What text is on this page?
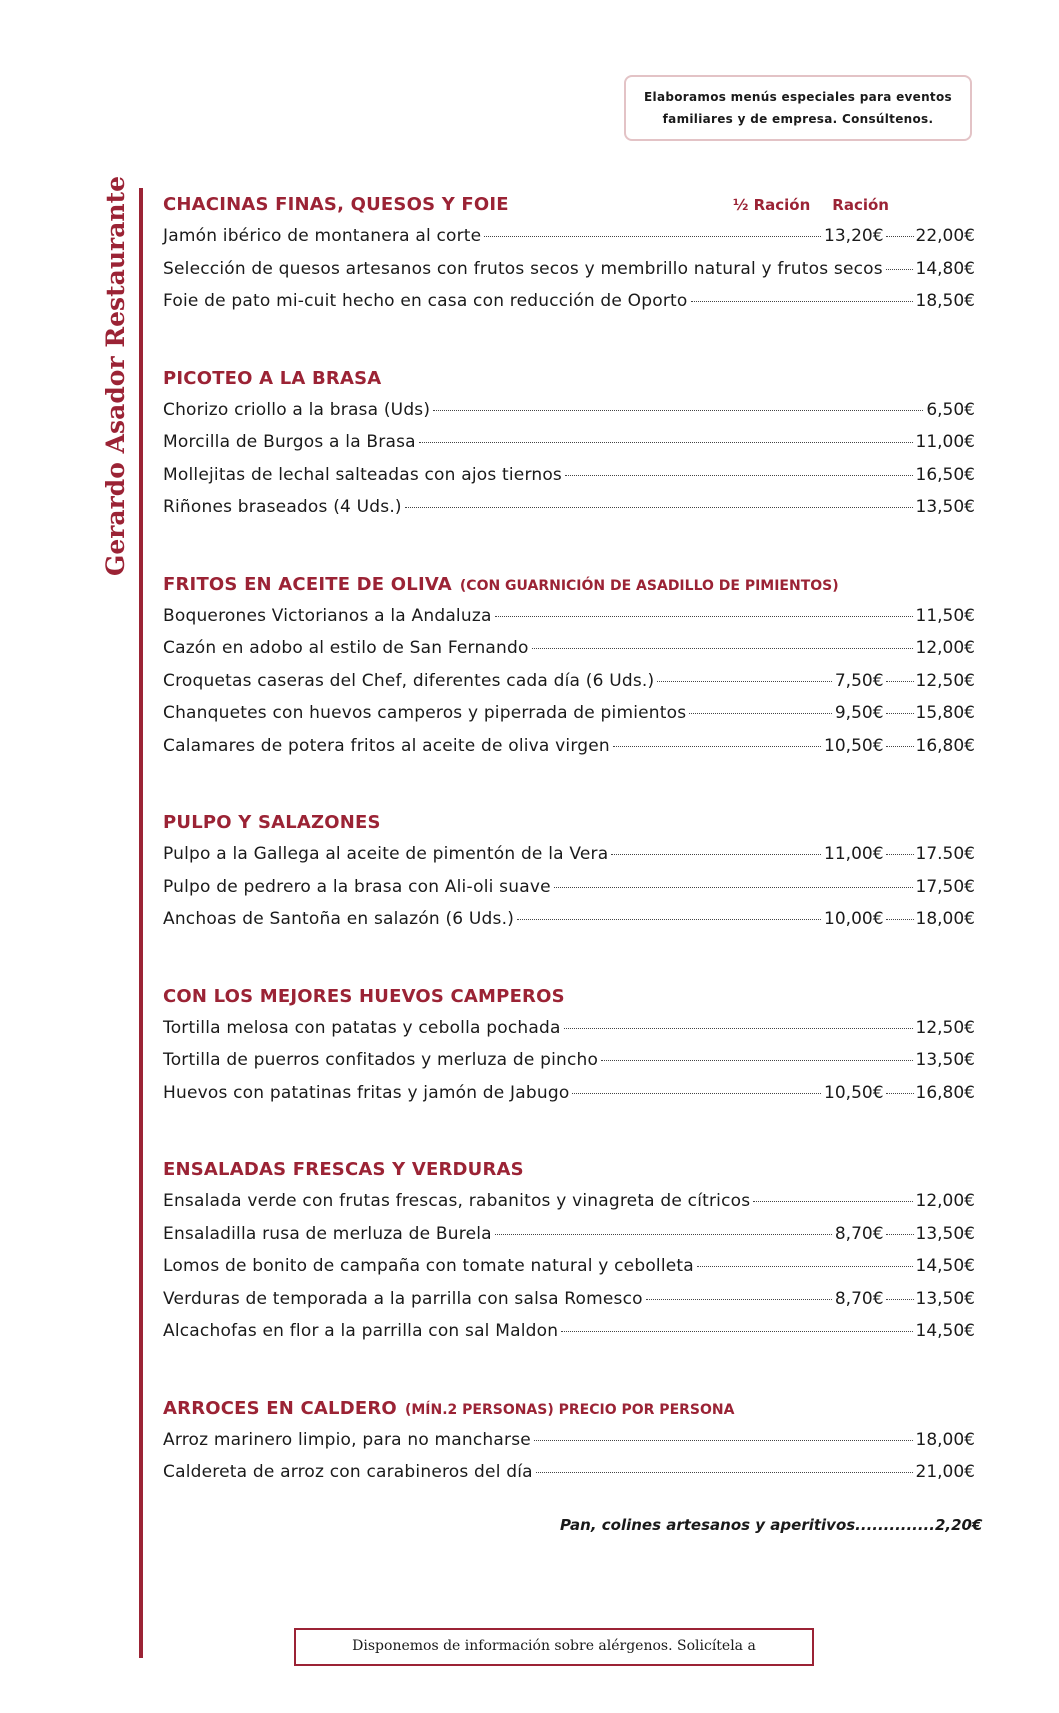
Elaboramos menús especiales para eventos familiares y de empresa. Consúltenos.
Gerardo Asador Restaurante	CHACINAS FINAS, QUESOS Y FOIE	½ Ración Ración
Jamón ibérico de montanera al corte	13,20€ 22,00€
Selección de quesos artesanos con frutos secos y membrillo natural y frutos secos 14,80€
Foie de pato mi-cuit hecho en casa con reducción de Oporto	18,50€
PICOTEO A LA BRASA
Chorizo criollo a la brasa (Uds)	6,50€
Morcilla de Burgos a la Brasa	11,00€
Mollejitas de lechal salteadas con ajos tiernos	16,50€
Riñones braseados (4 Uds.)	13,50€
FRITOS EN ACEITE DE OLIVA (CON GUARNICIÓN DE ASADILLO DE PIMIENTOS)
Boquerones Victorianos a la Andaluza	11,50€
Cazón en adobo al estilo de San Fernando	12,00€
Croquetas caseras del Chef, diferentes cada día (6 Uds.)	7,50€ 12,50€
Chanquetes con huevos camperos y piperrada de pimientos	9,50€ 15,80€
Calamares de potera fritos al aceite de oliva virgen	10,50€ 16,80€
PULPO Y SALAZONES
Pulpo a la Gallega al aceite de pimentón de la Vera	11,00€ 17.50€
Pulpo de pedrero a la brasa con Ali-oli suave	17,50€
Anchoas de Santoña en salazón (6 Uds.)	10,00€ 18,00€
CON LOS MEJORES HUEVOS CAMPEROS
Tortilla melosa con patatas y cebolla pochada	12,50€
Tortilla de puerros confitados y merluza de pincho	13,50€
Huevos con patatinas fritas y jamón de Jabugo	10,50€ 16,80€
ENSALADAS FRESCAS Y VERDURAS
Ensalada verde con frutas frescas, rabanitos y vinagreta de cítricos	12,00€
Ensaladilla rusa de merluza de Burela	8,70€ 13,50€
Lomos de bonito de campaña con tomate natural y cebolleta	14,50€
Verduras de temporada a la parrilla con salsa Romesco	8,70€ 13,50€
Alcachofas en flor a la parrilla con sal Maldon	14,50€
ARROCES EN CALDERO (MÍN.2 PERSONAS) PRECIO POR PERSONA
Arroz marinero limpio, para no mancharse	18,00€
Caldereta de arroz con carabineros del día	21,00€
Pan, colines artesanos y aperitivos..............2,20€
Disponemos de información sobre alérgenos. Solicítela a
